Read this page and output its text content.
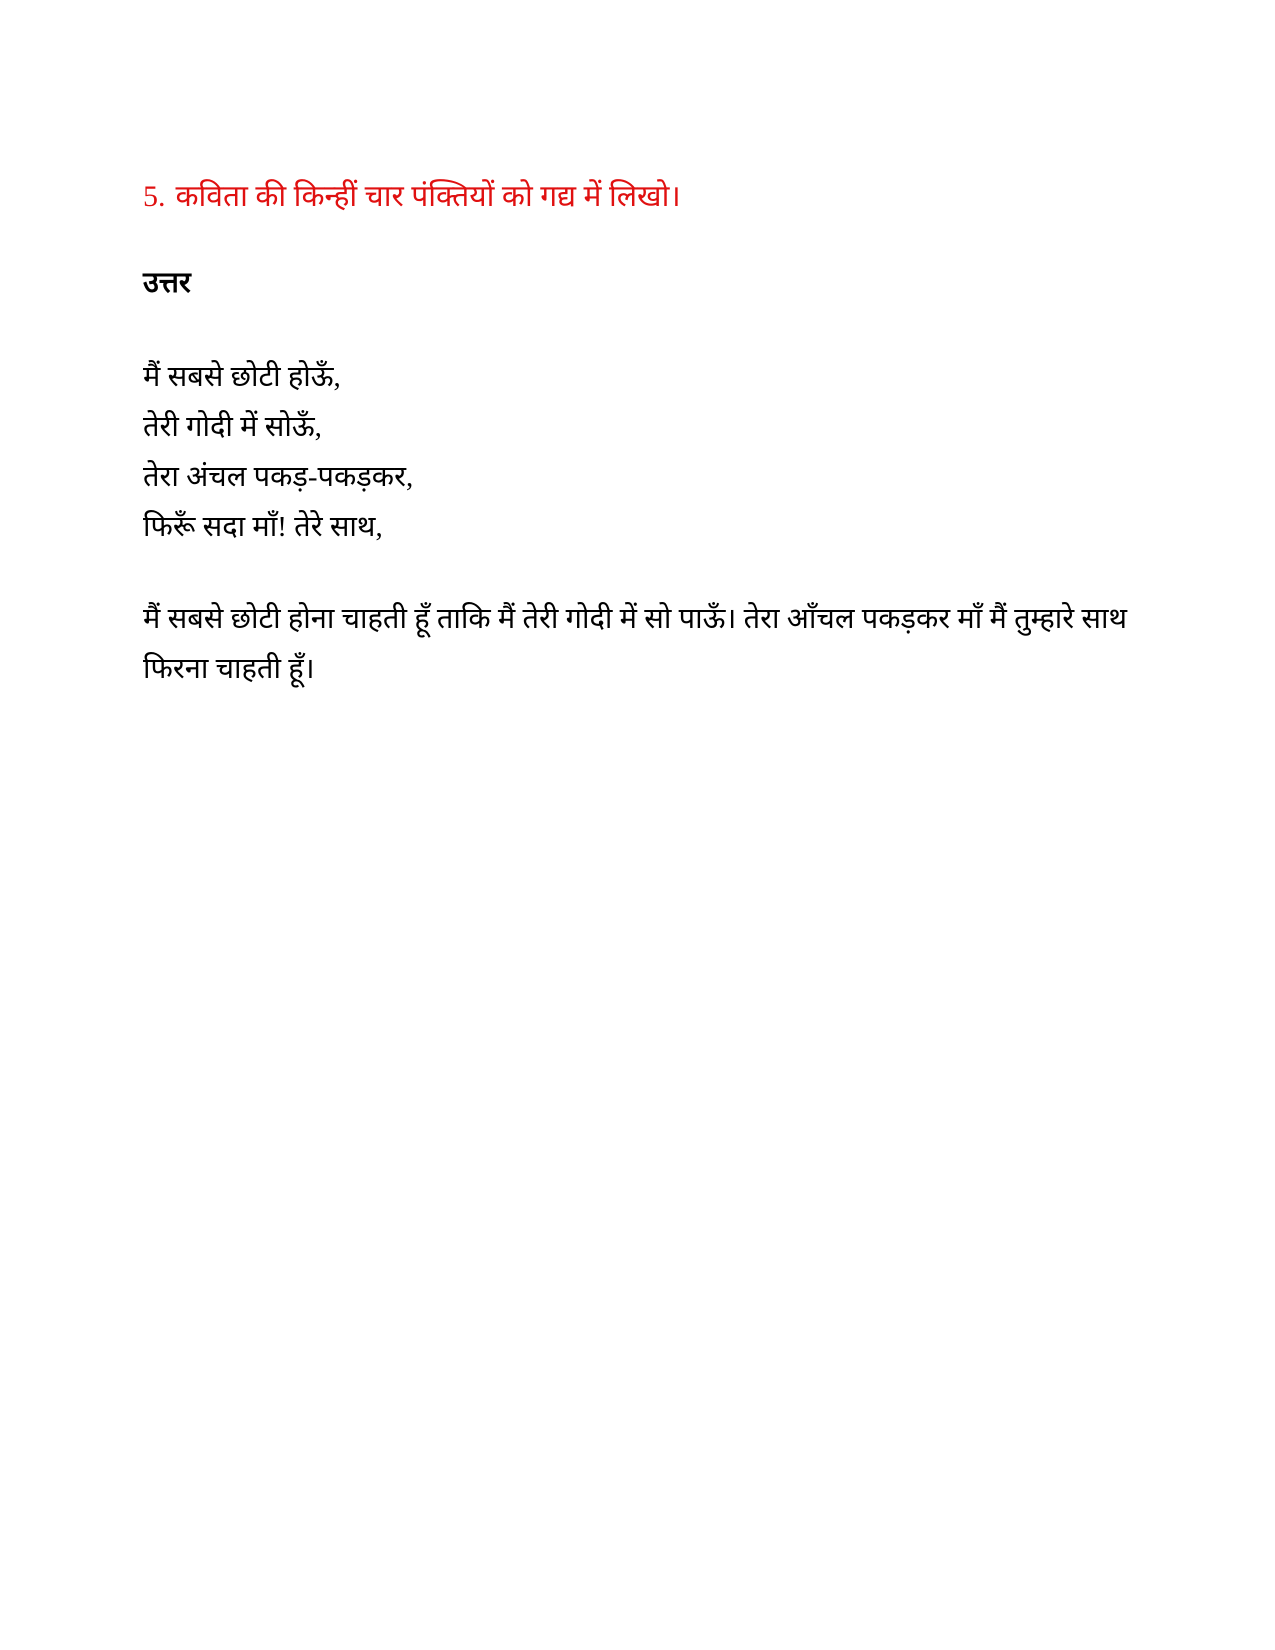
5. कविता की किन्हीं चार पंक्तियों को गद्य में लिखो।
उत्तर
मैं सबसे छोटी होऊँ,
तेरी गोदी में सोऊँ,
तेरा अंचल पकड़-पकड़कर,
फिरूँ सदा माँ! तेरे साथ,

मैं सबसे छोटी होना चाहती हूँ ताकि मैं तेरी गोदी में सो पाऊँ। तेरा आँचल पकड़कर माँ मैं तुम्हारे साथ फिरना चाहती हूँ।
